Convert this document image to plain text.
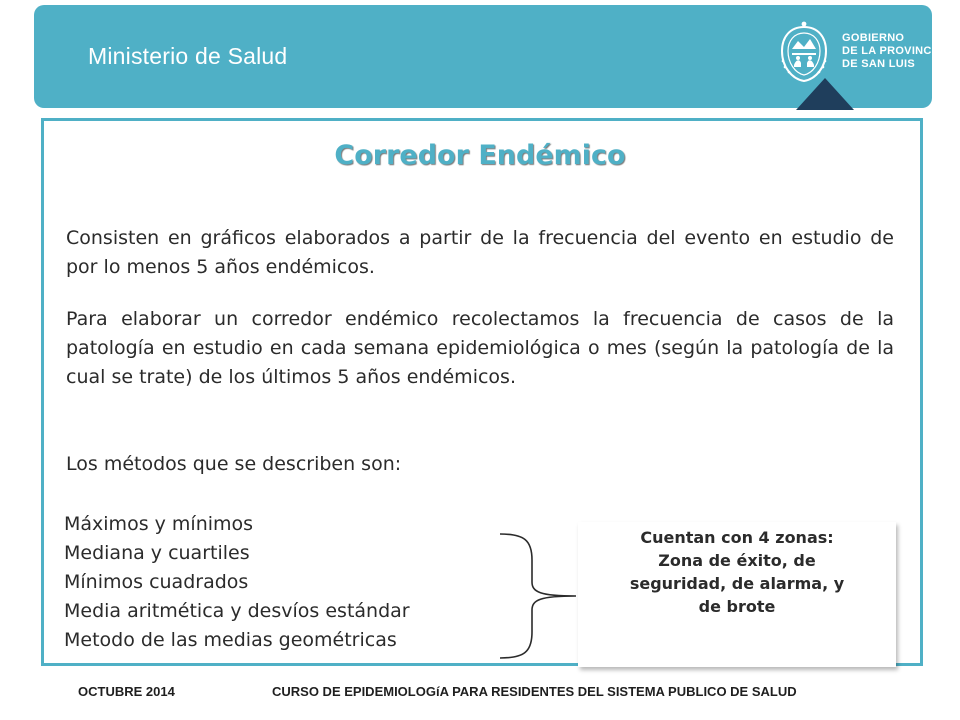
Ministerio de Salud
GOBIERNO
DE LA PROVINCIA
DE SAN LUIS
Corredor Endémico
Consisten en gráficos elaborados a partir de la frecuencia del evento en estudio de por lo menos 5 años endémicos.
Para elaborar un corredor endémico recolectamos la frecuencia de casos de la patología en estudio en cada semana epidemiológica o mes (según la patología de la cual se trate) de los últimos 5 años endémicos.
Los métodos que se describen son:
Máximos y mínimos
Mediana y cuartiles
Mínimos cuadrados
Media aritmética y desvíos estándar
Metodo de las medias geométricas
Cuentan con 4 zonas:
Zona de éxito, de
seguridad, de alarma, y
de brote
OCTUBRE 2014	CURSO DE EPIDEMIOLOGíA PARA RESIDENTES DEL SISTEMA PUBLICO DE SALUD
